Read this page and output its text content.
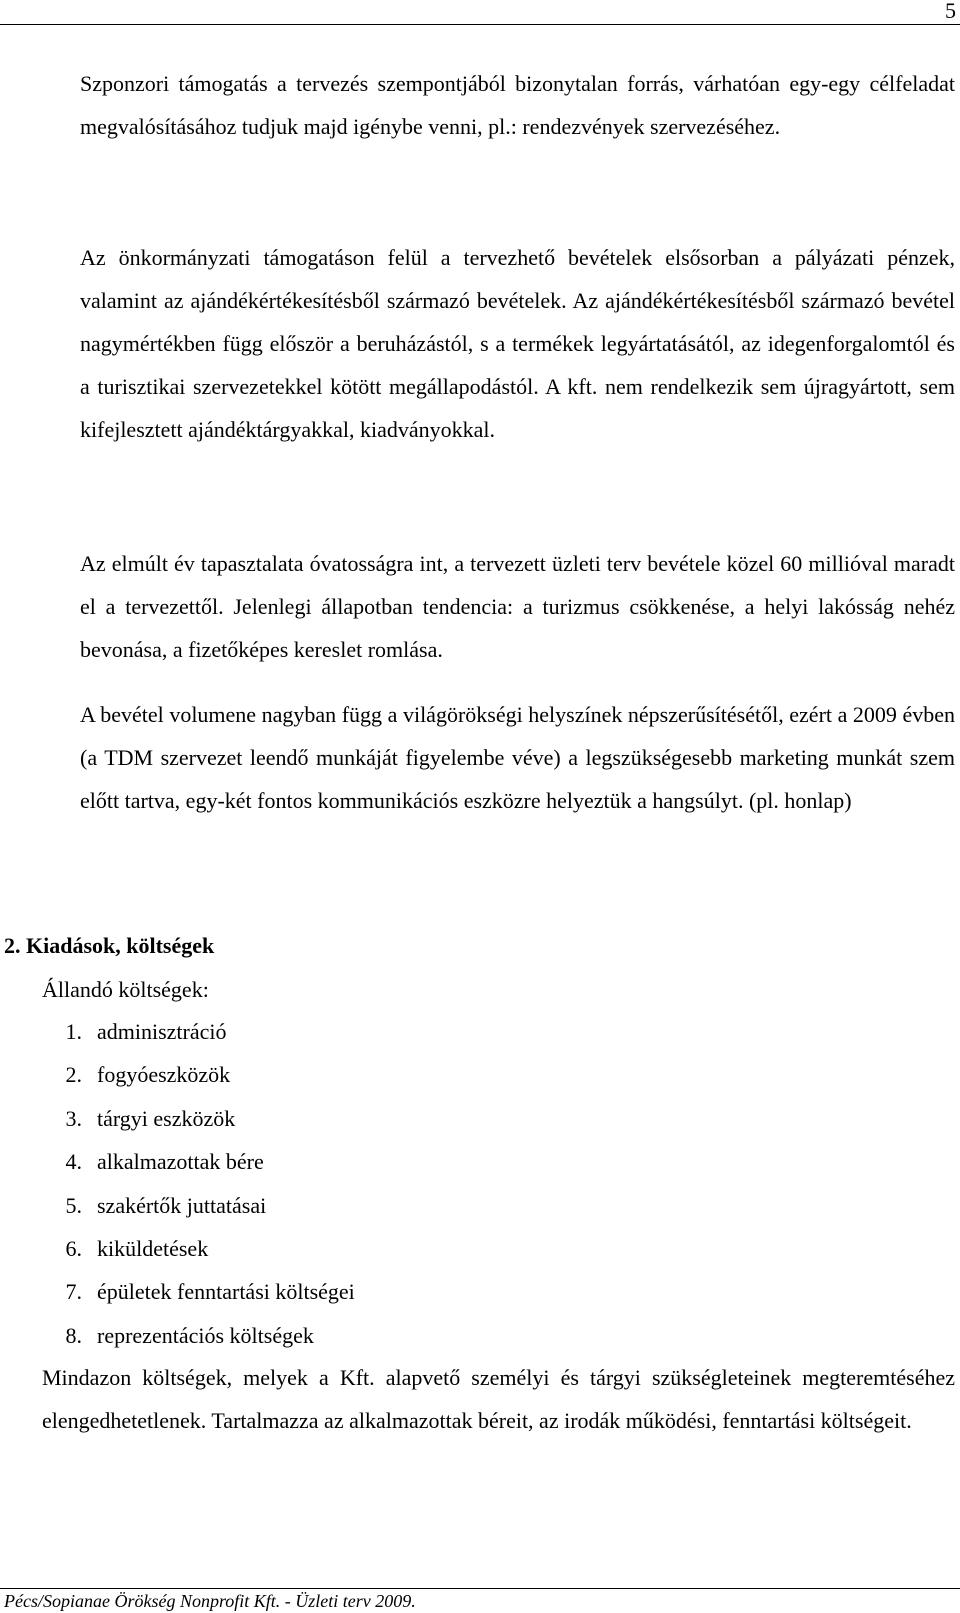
5

Szponzori támogatás a tervezés szempontjából bizonytalan forrás, várhatóan egy-egy célfeladat megvalósításához tudjuk majd igénybe venni, pl.: rendezvények szervezéséhez.

Az önkormányzati támogatáson felül a tervezhető bevételek elsősorban a pályázati pénzek, valamint az ajándékértékesítésből származó bevételek. Az ajándékértékesítésből származó bevétel nagymértékben függ először a beruházástól, s a termékek legyártatásától, az idegenforgalomtól és a turisztikai szervezetekkel kötött megállapodástól. A kft. nem rendelkezik sem újragyártott, sem kifejlesztett ajándéktárgyakkal, kiadványokkal.

Az elmúlt év tapasztalata óvatosságra int, a tervezett üzleti terv bevétele közel 60 millióval maradt el a tervezettől. Jelenlegi állapotban tendencia: a turizmus csökkenése, a helyi lakósság nehéz bevonása, a fizetőképes kereslet romlása.

A bevétel volumene nagyban függ a világörökségi helyszínek népszerűsítésétől, ezért a 2009 évben (a TDM szervezet leendő munkáját figyelembe véve) a legszükségesebb marketing munkát szem előtt tartva, egy-két fontos kommunikációs eszközre helyeztük a hangsúlyt. (pl. honlap)

2. Kiadások, költségek
Állandó költségek:
1. adminisztráció
2. fogyóeszközök
3. tárgyi eszközök
4. alkalmazottak bére
5. szakértők juttatásai
6. kiküldetések
7. épületek fenntartási költségei
8. reprezentációs költségek

Mindazon költségek, melyek a Kft. alapvető személyi és tárgyi szükségleteinek megteremtéséhez elengedhetetlenek. Tartalmazza az alkalmazottak béreit, az irodák működési, fenntartási költségeit.

Pécs/Sopianae Örökség Nonprofit Kft. - Üzleti terv 2009.
